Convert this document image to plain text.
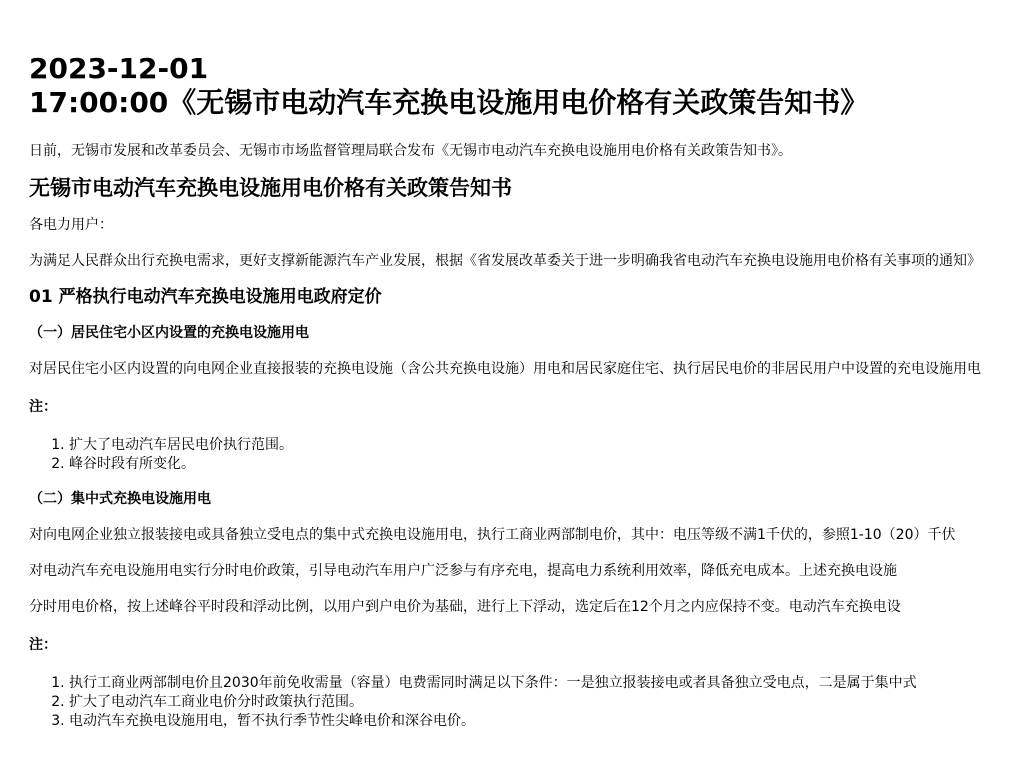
2023-12-01
17:00:00《无锡市电动汽车充换电设施用电价格有关政策告知书》

日前，无锡市发展和改革委员会、无锡市市场监督管理局联合发布《无锡市电动汽车充换电设施用电价格有关政策告知书》。

无锡市电动汽车充换电设施用电价格有关政策告知书

各电力用户：

为满足人民群众出行充换电需求，更好支撑新能源汽车产业发展，根据《省发展改革委关于进一步明确我省电动汽车充换电设施用电价格有关事项的通知》

01 严格执行电动汽车充换电设施用电政府定价
（一）居民住宅小区内设置的充换电设施用电

对居民住宅小区内设置的向电网企业直接报装的充换电设施（含公共充换电设施）用电和居民家庭住宅、执行居民电价的非居民用户中设置的充电设施用电

注：

1. 扩大了电动汽车居民电价执行范围。
2. 峰谷时段有所变化。
（二）集中式充换电设施用电

对向电网企业独立报装接电或具备独立受电点的集中式充换电设施用电，执行工商业两部制电价，其中：电压等级不满1千伏的，参照1-10（20）千伏

对电动汽车充电设施用电实行分时电价政策，引导电动汽车用户广泛参与有序充电，提高电力系统利用效率，降低充电成本。上述充换电设施

分时用电价格，按上述峰谷平时段和浮动比例，以用户到户电价为基础，进行上下浮动，选定后在12个月之内应保持不变。电动汽车充换电设

注：

1. 执行工商业两部制电价且2030年前免收需量（容量）电费需同时满足以下条件：一是独立报装接电或者具备独立受电点，二是属于集中式
2. 扩大了电动汽车工商业电价分时政策执行范围。
3. 电动汽车充换电设施用电，暂不执行季节性尖峰电价和深谷电价。
